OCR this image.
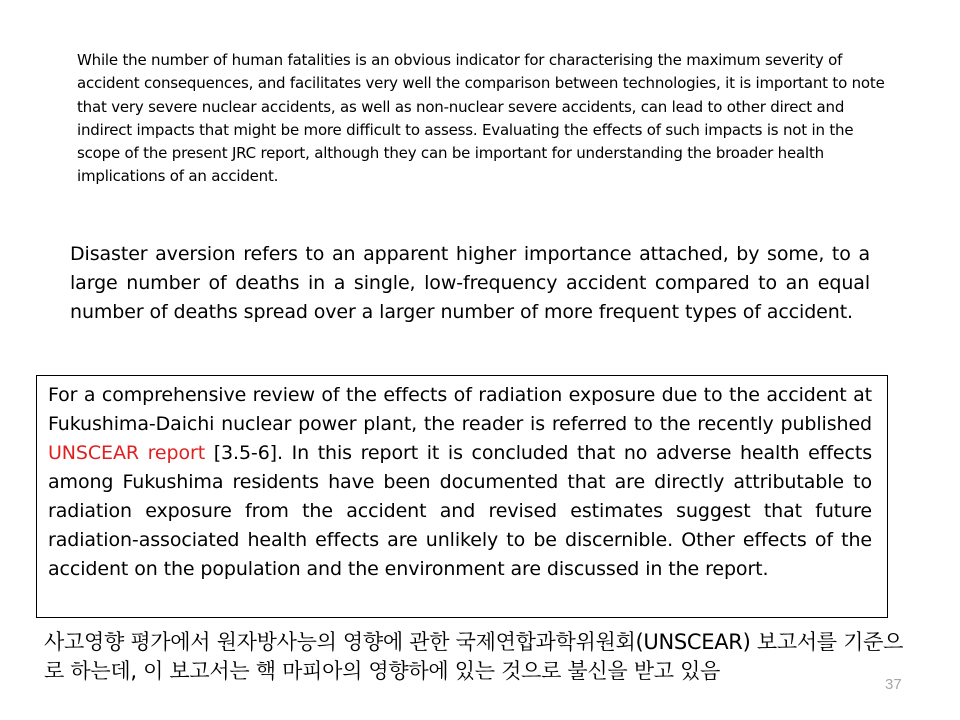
While the number of human fatalities is an obvious indicator for characterising the maximum severity of accident consequences, and facilitates very well the comparison between technologies, it is important to note that very severe nuclear accidents, as well as non-nuclear severe accidents, can lead to other direct and indirect impacts that might be more difficult to assess. Evaluating the effects of such impacts is not in the scope of the present JRC report, although they can be important for understanding the broader health implications of an accident.

Disaster aversion refers to an apparent higher importance attached, by some, to a large number of deaths in a single, low-frequency accident compared to an equal number of deaths spread over a larger number of more frequent types of accident.

For a comprehensive review of the effects of radiation exposure due to the accident at Fukushima-Daichi nuclear power plant, the reader is referred to the recently published UNSCEAR report [3.5-6]. In this report it is concluded that no adverse health effects among Fukushima residents have been documented that are directly attributable to radiation exposure from the accident and revised estimates suggest that future radiation-associated health effects are unlikely to be discernible. Other effects of the accident on the population and the environment are discussed in the report.

사고영향 평가에서 원자방사능의 영향에 관한 국제연합과학위원회(UNSCEAR) 보고서를 기준으로 하는데, 이 보고서는 핵 마피아의 영향하에 있는 것으로 불신을 받고 있음

37
